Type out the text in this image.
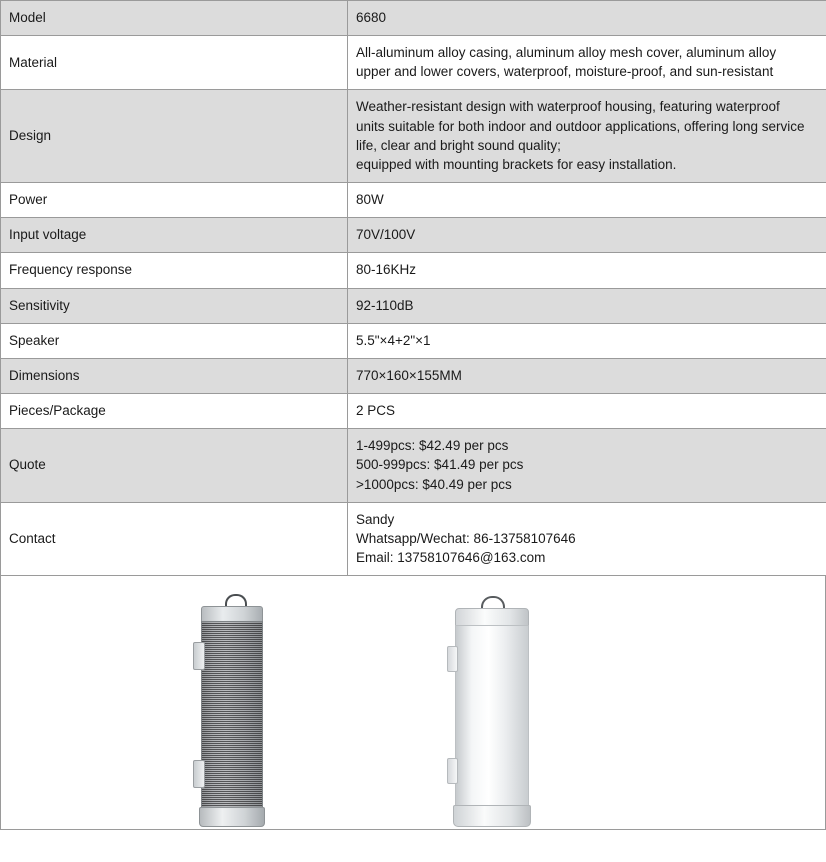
Model	6680

Material	All-aluminum alloy casing, aluminum alloy mesh cover, aluminum alloy
upper and lower covers, waterproof, moisture-proof, and sun-resistant

Design	Weather-resistant design with waterproof housing, featuring waterproof
units suitable for both indoor and outdoor applications, offering long service
life, clear and bright sound quality;
equipped with mounting brackets for easy installation.

Power	80W

Input voltage	70V/100V

Frequency response	80-16KHz

Sensitivity	92-110dB

Speaker	5.5"×4+2"×1

Dimensions	770×160×155MM

Pieces/Package	2 PCS

Quote	1-499pcs: $42.49 per pcs
500-999pcs: $41.49 per pcs
>1000pcs: $40.49 per pcs

Contact	Sandy
Whatsapp/Wechat: 86-13758107646
Email: 13758107646@163.com
